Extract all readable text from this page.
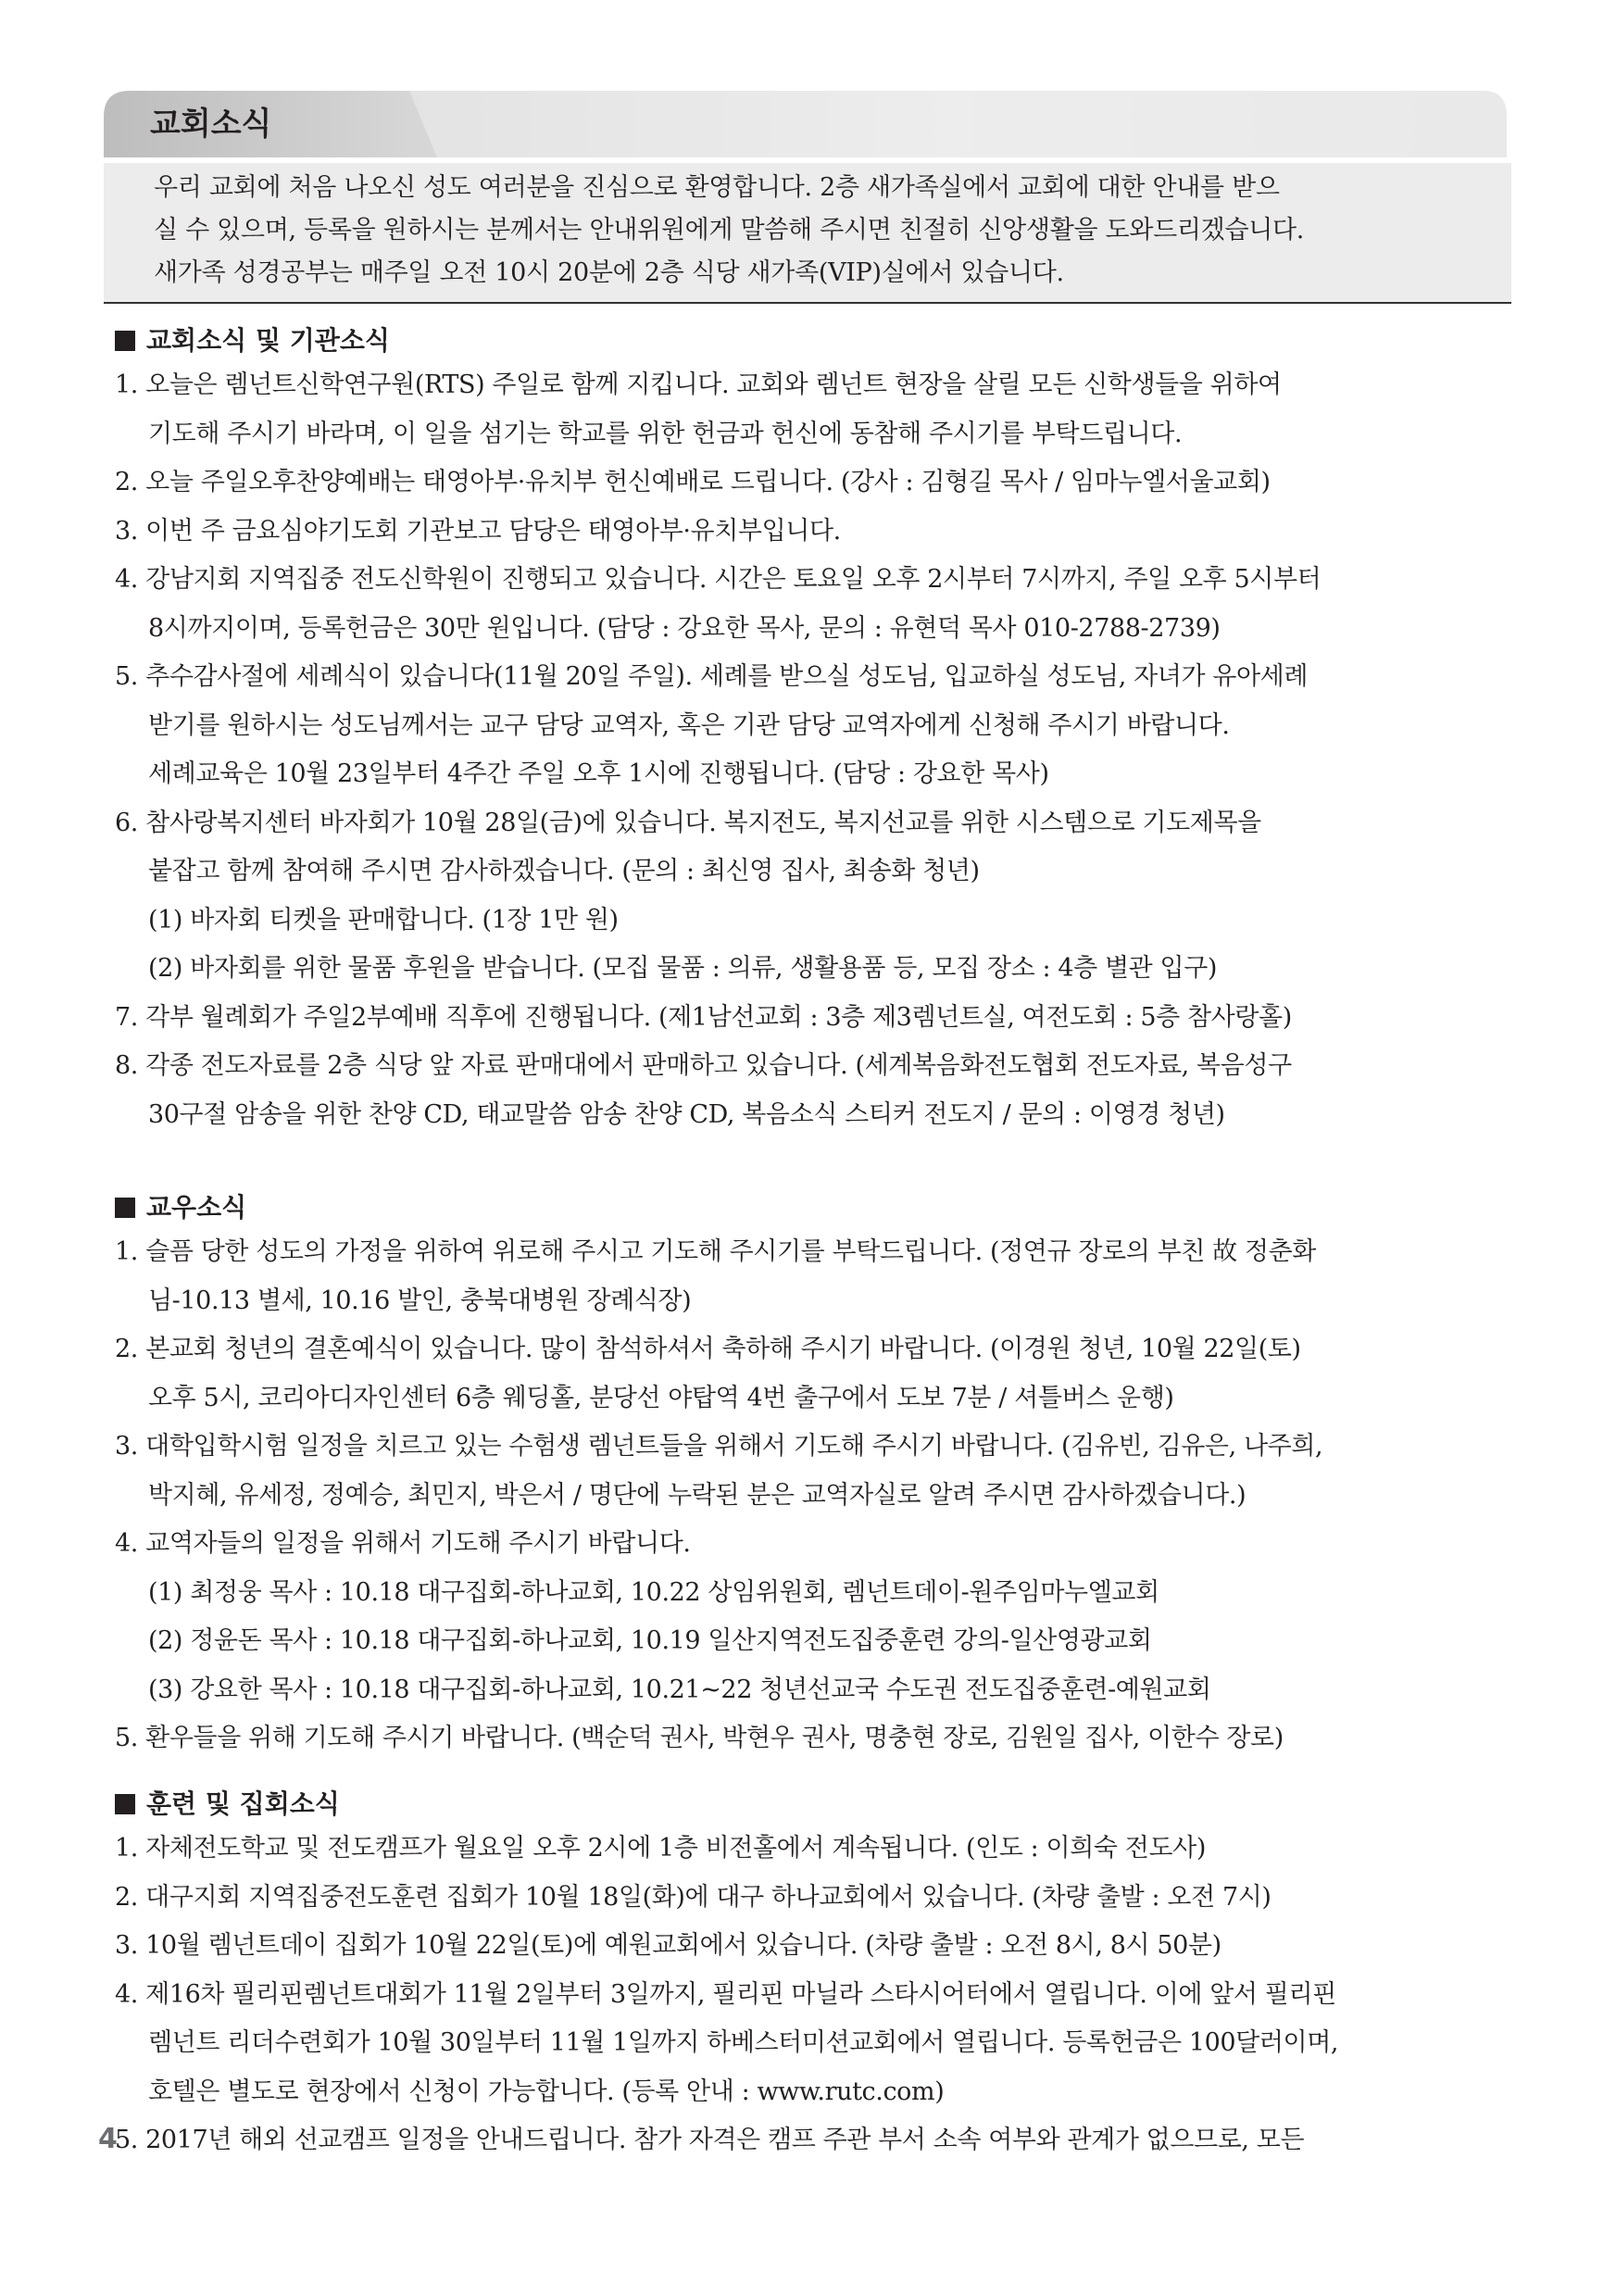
교회소식

우리 교회에 처음 나오신 성도 여러분을 진심으로 환영합니다. 2층 새가족실에서 교회에 대한 안내를 받으

실 수 있으며, 등록을 원하시는 분께서는 안내위원에게 말씀해 주시면 친절히 신앙생활을 도와드리겠습니다.

새가족 성경공부는 매주일 오전 10시 20분에 2층 식당 새가족(VIP)실에서 있습니다.

교회소식 및 기관소식
1. 오늘은 렘넌트신학연구원(RTS) 주일로 함께 지킵니다. 교회와 렘넌트 현장을 살릴 모든 신학생들을 위하여
기도해 주시기 바라며, 이 일을 섬기는 학교를 위한 헌금과 헌신에 동참해 주시기를 부탁드립니다.
2. 오늘 주일오후찬양예배는 태영아부·유치부 헌신예배로 드립니다. (강사 : 김형길 목사 / 임마누엘서울교회)
3. 이번 주 금요심야기도회 기관보고 담당은 태영아부·유치부입니다.
4. 강남지회 지역집중 전도신학원이 진행되고 있습니다. 시간은 토요일 오후 2시부터 7시까지, 주일 오후 5시부터
8시까지이며, 등록헌금은 30만 원입니다. (담당 : 강요한 목사, 문의 : 유현덕 목사 010-2788-2739)
5. 추수감사절에 세례식이 있습니다(11월 20일 주일). 세례를 받으실 성도님, 입교하실 성도님, 자녀가 유아세례
받기를 원하시는 성도님께서는 교구 담당 교역자, 혹은 기관 담당 교역자에게 신청해 주시기 바랍니다.
세례교육은 10월 23일부터 4주간 주일 오후 1시에 진행됩니다. (담당 : 강요한 목사)
6. 참사랑복지센터 바자회가 10월 28일(금)에 있습니다. 복지전도, 복지선교를 위한 시스템으로 기도제목을
붙잡고 함께 참여해 주시면 감사하겠습니다. (문의 : 최신영 집사, 최송화 청년)
(1) 바자회 티켓을 판매합니다. (1장 1만 원)
(2) 바자회를 위한 물품 후원을 받습니다. (모집 물품 : 의류, 생활용품 등, 모집 장소 : 4층 별관 입구)
7. 각부 월례회가 주일2부예배 직후에 진행됩니다. (제1남선교회 : 3층 제3렘넌트실, 여전도회 : 5층 참사랑홀)
8. 각종 전도자료를 2층 식당 앞 자료 판매대에서 판매하고 있습니다. (세계복음화전도협회 전도자료, 복음성구
30구절 암송을 위한 찬양 CD, 태교말씀 암송 찬양 CD, 복음소식 스티커 전도지 / 문의 : 이영경 청년)
교우소식
1. 슬픔 당한 성도의 가정을 위하여 위로해 주시고 기도해 주시기를 부탁드립니다. (정연규 장로의 부친 故 정춘화
님-10.13 별세, 10.16 발인, 충북대병원 장례식장)
2. 본교회 청년의 결혼예식이 있습니다. 많이 참석하셔서 축하해 주시기 바랍니다. (이경원 청년, 10월 22일(토)
오후 5시, 코리아디자인센터 6층 웨딩홀, 분당선 야탑역 4번 출구에서 도보 7분 / 셔틀버스 운행)
3. 대학입학시험 일정을 치르고 있는 수험생 렘넌트들을 위해서 기도해 주시기 바랍니다. (김유빈, 김유은, 나주희,
박지혜, 유세정, 정예승, 최민지, 박은서 / 명단에 누락된 분은 교역자실로 알려 주시면 감사하겠습니다.)
4. 교역자들의 일정을 위해서 기도해 주시기 바랍니다.
(1) 최정웅 목사 : 10.18 대구집회-하나교회, 10.22 상임위원회, 렘넌트데이-원주임마누엘교회
(2) 정윤돈 목사 : 10.18 대구집회-하나교회, 10.19 일산지역전도집중훈련 강의-일산영광교회
(3) 강요한 목사 : 10.18 대구집회-하나교회, 10.21~22 청년선교국 수도권 전도집중훈련-예원교회
5. 환우들을 위해 기도해 주시기 바랍니다. (백순덕 권사, 박현우 권사, 명충현 장로, 김원일 집사, 이한수 장로)
훈련 및 집회소식
1. 자체전도학교 및 전도캠프가 월요일 오후 2시에 1층 비전홀에서 계속됩니다. (인도 : 이희숙 전도사)
2. 대구지회 지역집중전도훈련 집회가 10월 18일(화)에 대구 하나교회에서 있습니다. (차량 출발 : 오전 7시)
3. 10월 렘넌트데이 집회가 10월 22일(토)에 예원교회에서 있습니다. (차량 출발 : 오전 8시, 8시 50분)
4. 제16차 필리핀렘넌트대회가 11월 2일부터 3일까지, 필리핀 마닐라 스타시어터에서 열립니다. 이에 앞서 필리핀
렘넌트 리더수련회가 10월 30일부터 11월 1일까지 하베스터미션교회에서 열립니다. 등록헌금은 100달러이며,
호텔은 별도로 현장에서 신청이 가능합니다. (등록 안내 : www.rutc.com)
5. 2017년 해외 선교캠프 일정을 안내드립니다. 참가 자격은 캠프 주관 부서 소속 여부와 관계가 없으므로, 모든
4
